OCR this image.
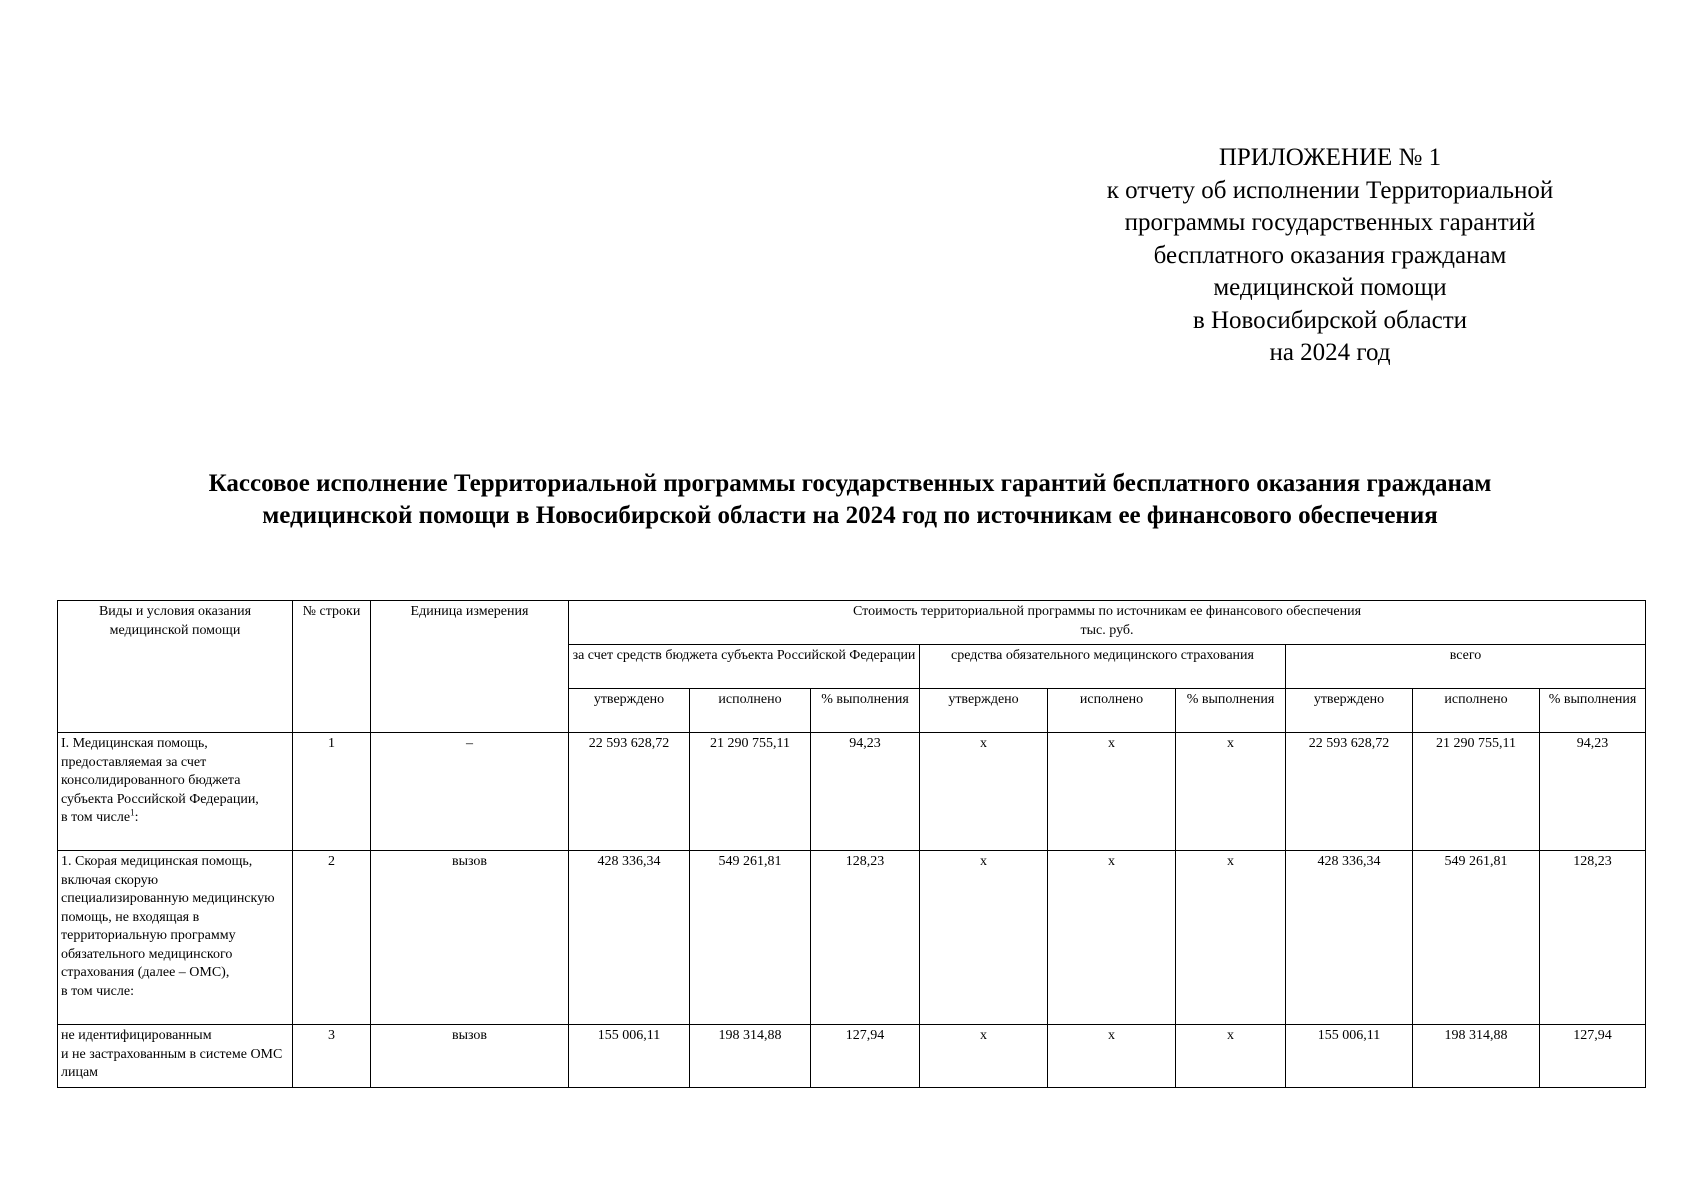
ПРИЛОЖЕНИЕ № 1
к отчету об исполнении Территориальной
программы государственных гарантий
бесплатного оказания гражданам
медицинской помощи
в Новосибирской области
на 2024 год
Кассовое исполнение Территориальной программы государственных гарантий бесплатного оказания гражданам
медицинской помощи в Новосибирской области на 2024 год по источникам ее финансового обеспечения
Виды и условия оказания медицинской помощи	№ строки	Единица измерения	Стоимость территориальной программы по источникам ее финансового обеспечения
тыс. руб.								

			за счет средств бюджета субъекта Российской Федерации			средства обязательного медицинского страхования			всего		
			утверждено	исполнено	% выполнения	утверждено	исполнено	% выполнения	утверждено	исполнено	% выполнения
I. Медицинская помощь, предоставляемая за счет консолидированного бюджета субъекта Российской Федерации,
в том числе$^1$:	1	–	22 593 628,72	21 290 755,11	94,23	х	х	х	22 593 628,72	21 290 755,11	94,23
1. Скорая медицинская помощь, включая скорую специализированную медицинскую помощь, не входящая в территориальную программу обязательного медицинского страхования (далее – ОМС),
в том числе:	2	вызов	428 336,34	549 261,81	128,23	х	х	х	428 336,34	549 261,81	128,23
не идентифицированным
и не застрахованным в системе ОМС лицам	3	вызов	155 006,11	198 314,88	127,94	х	х	х	155 006,11	198 314,88	127,94
